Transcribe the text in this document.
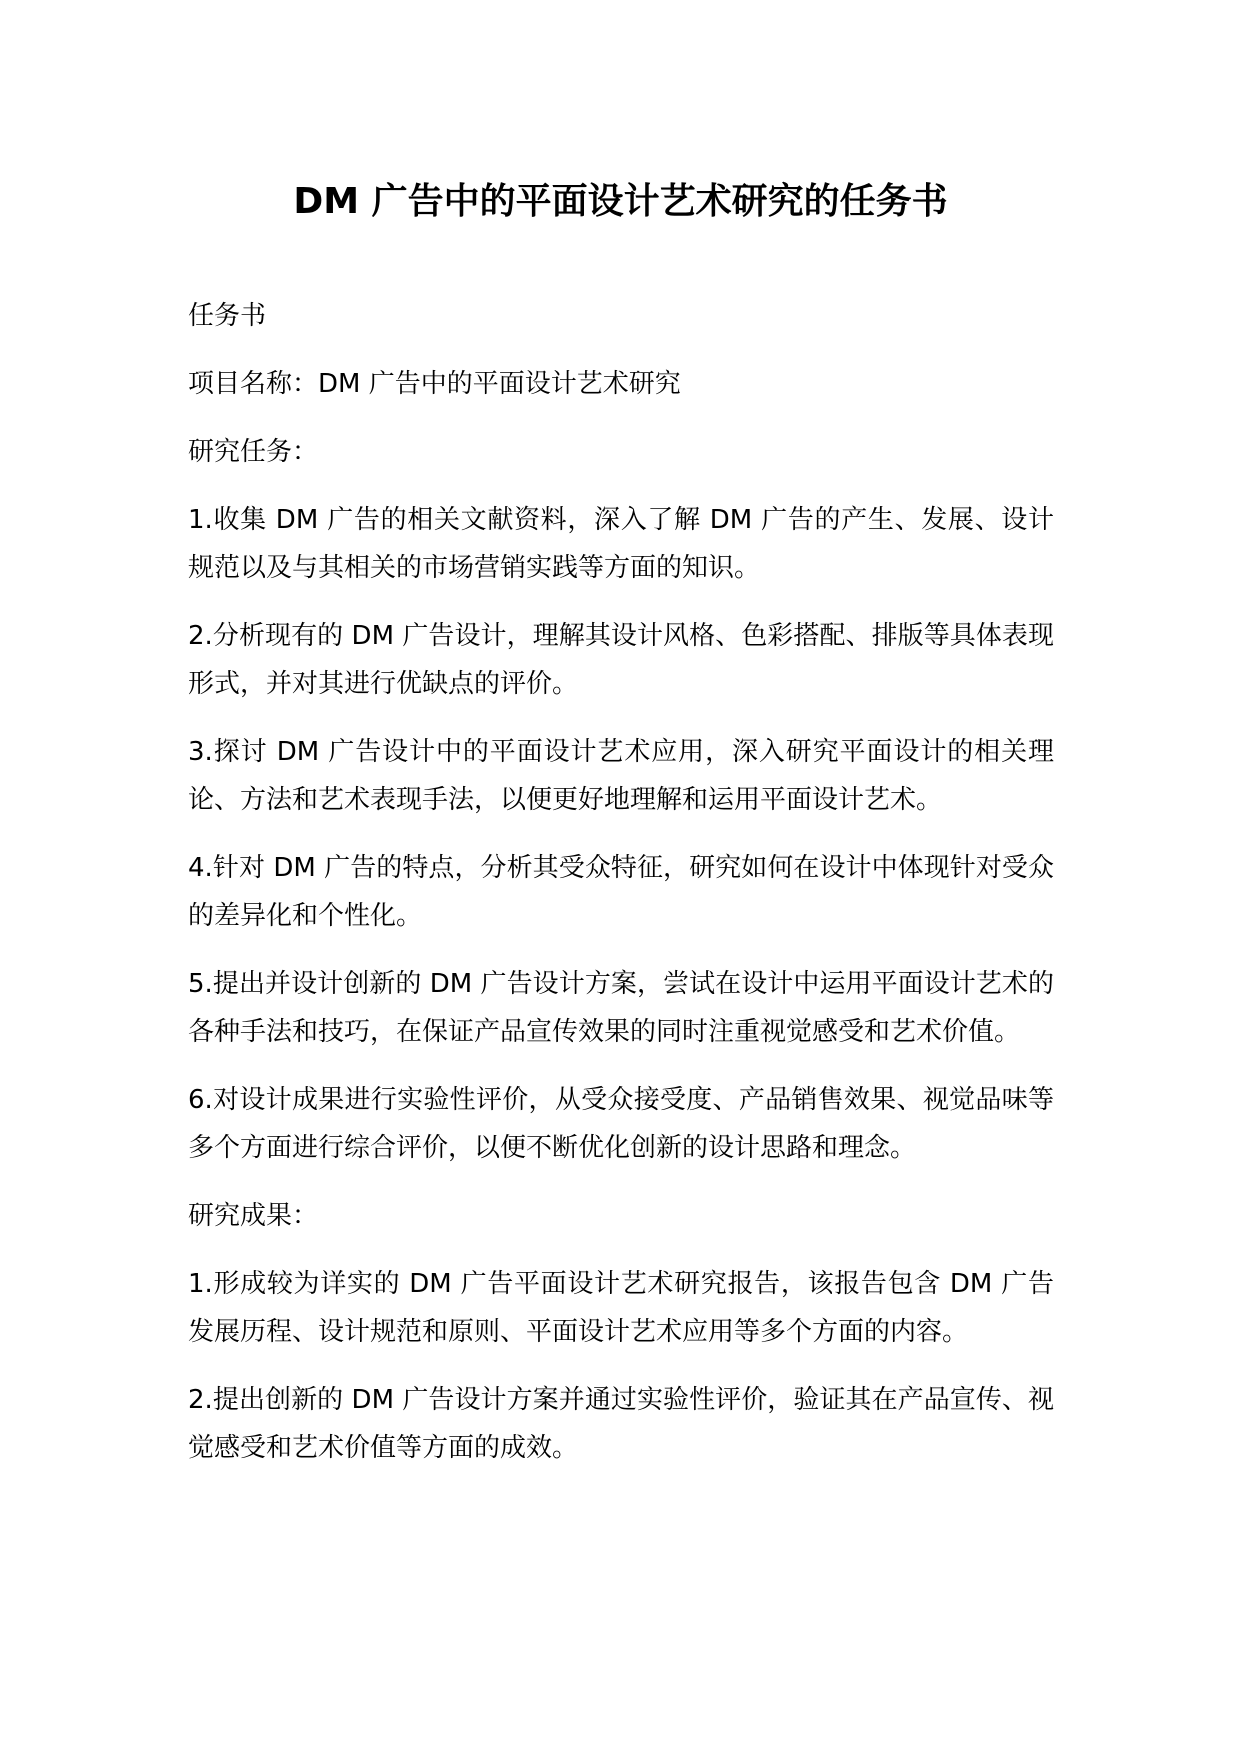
DM 广告中的平面设计艺术研究的任务书

任务书

项目名称：DM 广告中的平面设计艺术研究

研究任务：

1.收集 DM 广告的相关文献资料，深入了解 DM 广告的产生、发展、设计规范以及与其相关的市场营销实践等方面的知识。

2.分析现有的 DM 广告设计，理解其设计风格、色彩搭配、排版等具体表现形式，并对其进行优缺点的评价。

3.探讨 DM 广告设计中的平面设计艺术应用，深入研究平面设计的相关理论、方法和艺术表现手法，以便更好地理解和运用平面设计艺术。

4.针对 DM 广告的特点，分析其受众特征，研究如何在设计中体现针对受众的差异化和个性化。

5.提出并设计创新的 DM 广告设计方案，尝试在设计中运用平面设计艺术的各种手法和技巧，在保证产品宣传效果的同时注重视觉感受和艺术价值。

6.对设计成果进行实验性评价，从受众接受度、产品销售效果、视觉品味等多个方面进行综合评价，以便不断优化创新的设计思路和理念。

研究成果：

1.形成较为详实的 DM 广告平面设计艺术研究报告，该报告包含 DM 广告发展历程、设计规范和原则、平面设计艺术应用等多个方面的内容。

2.提出创新的 DM 广告设计方案并通过实验性评价，验证其在产品宣传、视觉感受和艺术价值等方面的成效。
